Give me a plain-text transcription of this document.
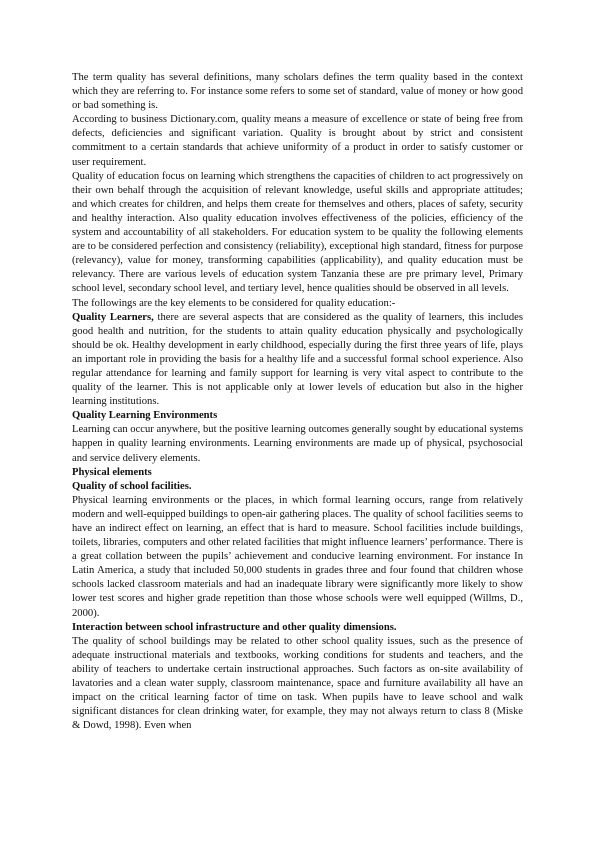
The term quality has several definitions, many scholars defines the term quality based in the context which they are referring to. For instance some refers to some set of standard, value of money or how good or bad something is.

According to business Dictionary.com, quality means a measure of excellence or state of being free from defects, deficiencies and significant variation. Quality is brought about by strict and consistent commitment to a certain standards that achieve uniformity of a product in order to satisfy customer or user requirement.

Quality of education focus on learning which strengthens the capacities of children to act progressively on their own behalf through the acquisition of relevant knowledge, useful skills and appropriate attitudes; and which creates for children, and helps them create for themselves and others, places of safety, security and healthy interaction. Also quality education involves effectiveness of the policies, efficiency of the system and accountability of all stakeholders. For education system to be quality the following elements are to be considered perfection and consistency (reliability), exceptional high standard, fitness for purpose (relevancy), value for money, transforming capabilities (applicability), and quality education must be relevancy. There are various levels of education system Tanzania these are pre primary level, Primary school level, secondary school level, and tertiary level, hence qualities should be observed in all levels.

The followings are the key elements to be considered for quality education:-

Quality Learners, there are several aspects that are considered as the quality of learners, this includes good health and nutrition, for the students to attain quality education physically and psychologically should be ok. Healthy development in early childhood, especially during the first three years of life, plays an important role in providing the basis for a healthy life and a successful formal school experience. Also regular attendance for learning and family support for learning is very vital aspect to contribute to the quality of the learner. This is not applicable only at lower levels of education but also in the higher learning institutions.

Quality Learning Environments

Learning can occur anywhere, but the positive learning outcomes generally sought by educational systems happen in quality learning environments. Learning environments are made up of physical, psychosocial and service delivery elements.

Physical elements

Quality of school facilities.

Physical learning environments or the places, in which formal learning occurs, range from relatively modern and well-equipped buildings to open-air gathering places. The quality of school facilities seems to have an indirect effect on learning, an effect that is hard to measure. School facilities include buildings, toilets, libraries, computers and other related facilities that might influence learners’ performance. There is a great collation between the pupils’ achievement and conducive learning environment. For instance In Latin America, a study that included 50,000 students in grades three and four found that children whose schools lacked classroom materials and had an inadequate library were significantly more likely to show lower test scores and higher grade repetition than those whose schools were well equipped (Willms, D., 2000).

Interaction between school infrastructure and other quality dimensions.

The quality of school buildings may be related to other school quality issues, such as the presence of adequate instructional materials and textbooks, working conditions for students and teachers, and the ability of teachers to undertake certain instructional approaches. Such factors as on-site availability of lavatories and a clean water supply, classroom maintenance, space and furniture availability all have an impact on the critical learning factor of time on task. When pupils have to leave school and walk significant distances for clean drinking water, for example, they may not always return to class 8 (Miske & Dowd, 1998). Even when
